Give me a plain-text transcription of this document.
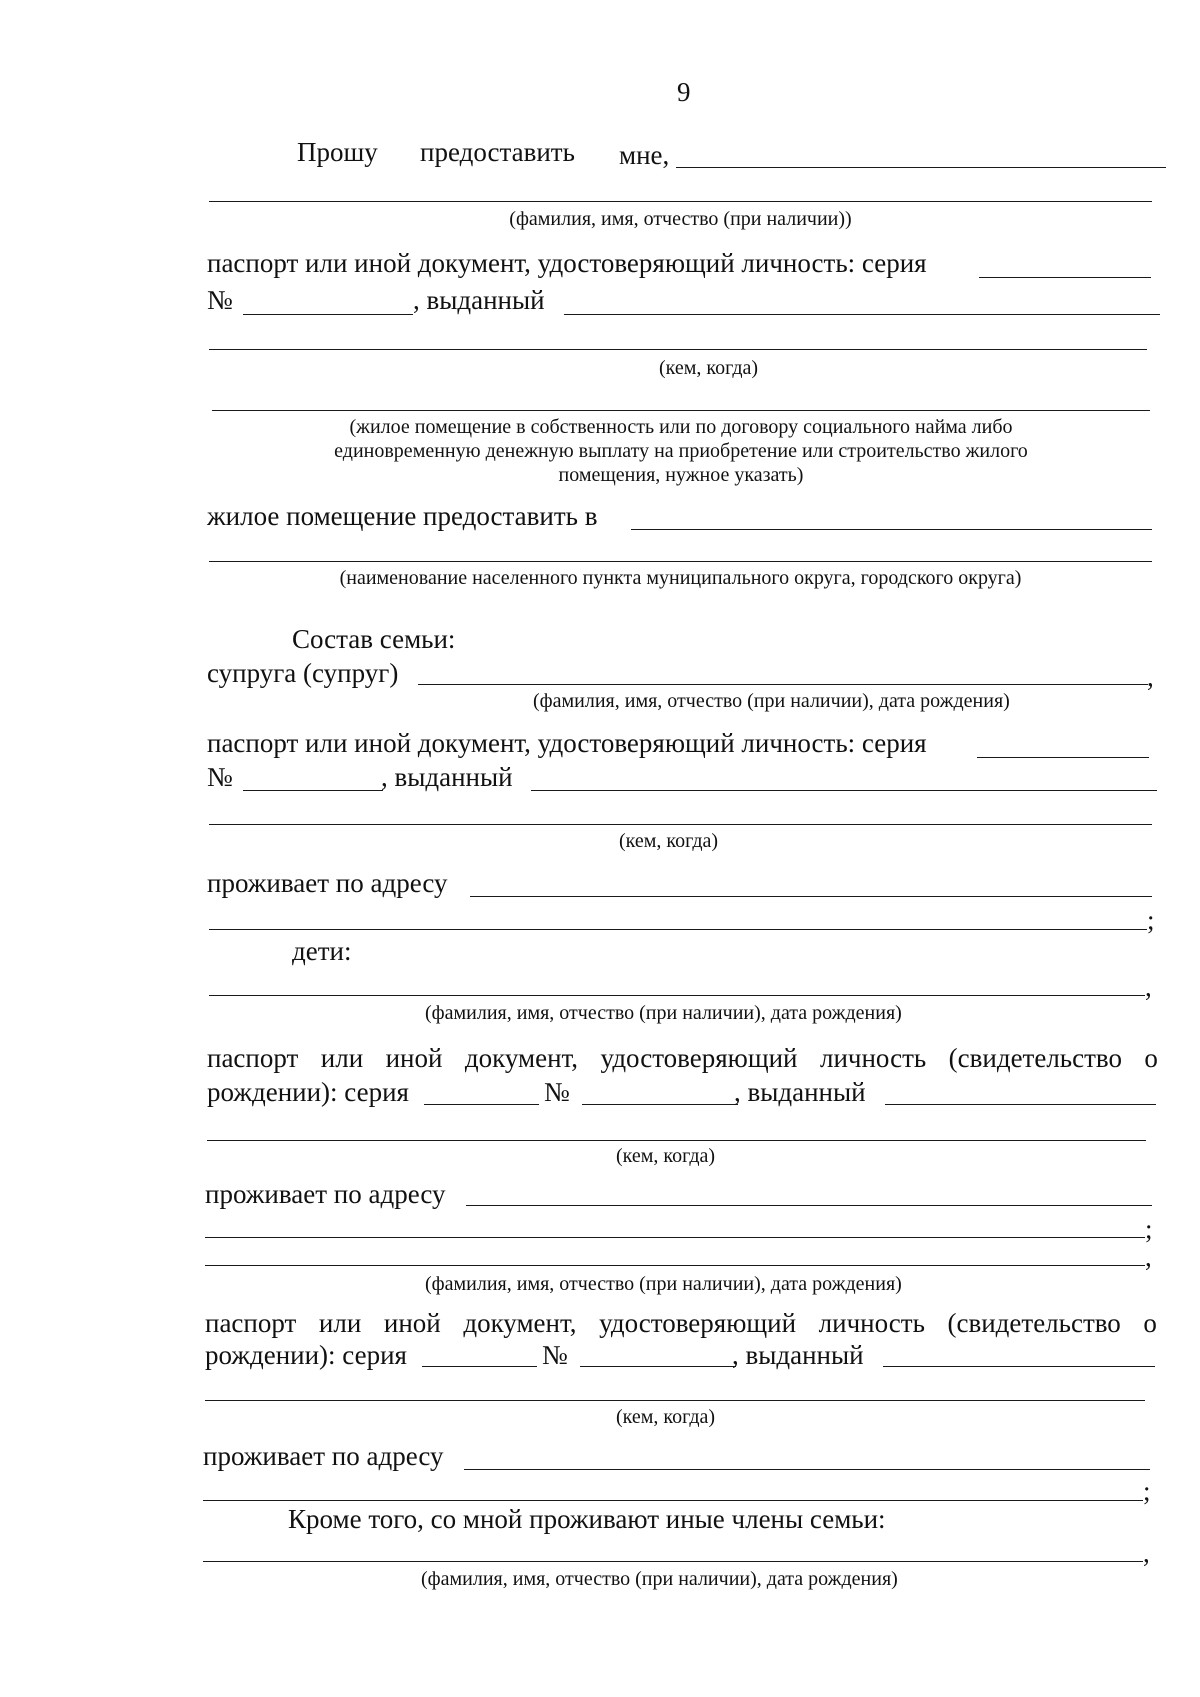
9
Прошу предоставить мне,
(фамилия, имя, отчество (при наличии))
паспорт или иной документ, удостоверяющий личность: серия
№	, выданный
(кем, когда)
(жилое помещение в собственность или по договору социального найма либо
единовременную денежную выплату на приобретение или строительство жилого
помещения, нужное указать)
жилое помещение предоставить в
(наименование населенного пункта муниципального округа, городского округа)
Состав семьи:
супруга (супруг)	,
(фамилия, имя, отчество (при наличии), дата рождения)
паспорт или иной документ, удостоверяющий личность: серия
№	, выданный
(кем, когда)
проживает по адресу
;
дети:
,
(фамилия, имя, отчество (при наличии), дата рождения)
паспорт или иной документ, удостоверяющий личность (свидетельство о
рождении): серия	№	, выданный
(кем, когда)
проживает по адресу
;
,
(фамилия, имя, отчество (при наличии), дата рождения)
паспорт или иной документ, удостоверяющий личность (свидетельство о
рождении): серия	№	, выданный
(кем, когда)
проживает по адресу
;
Кроме того, со мной проживают иные члены семьи:
,
(фамилия, имя, отчество (при наличии), дата рождения)
